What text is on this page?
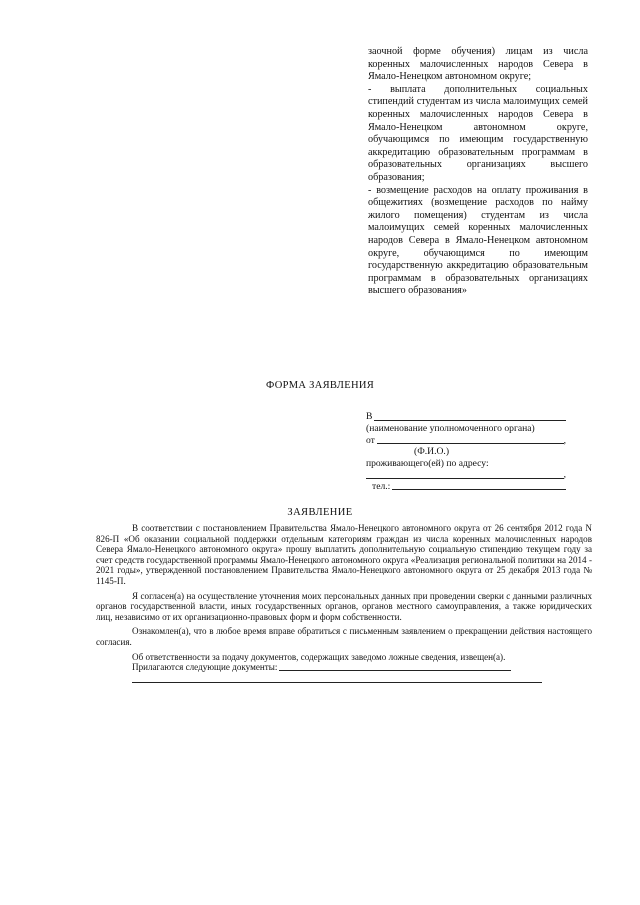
заочной форме обучения) лицам из числа коренных малочисленных народов Севера в Ямало-Ненецком автономном округе;

- выплата дополнительных социальных стипендий студентам из числа малоимущих семей коренных малочисленных народов Севера в Ямало-Ненецком автономном округе, обучающимся по имеющим государственную аккредитацию образовательным программам в образовательных организациях высшего образования;

- возмещение расходов на оплату проживания в общежитиях (возмещение расходов по найму жилого помещения) студентам из числа малоимущих семей коренных малочисленных народов Севера в Ямало-Ненецком автономном округе, обучающимся по имеющим государственную аккредитацию образовательным программам в образовательных организациях высшего образования»

ФОРМА ЗАЯВЛЕНИЯ
В
(наименование уполномоченного органа)
от	,
(Ф.И.О.)
проживающего(ей) по адресу:
,
тел.:
ЗАЯВЛЕНИЕ

В соответствии с постановлением Правительства Ямало-Ненецкого автономного округа от 26 сентября 2012 года N 826-П «Об оказании социальной поддержки отдельным категориям граждан из числа коренных малочисленных народов Севера Ямало-Ненецкого автономного округа» прошу выплатить дополнительную социальную стипендию текущем году за счет средств государственной программы Ямало-Ненецкого автономного округа «Реализация региональной политики на 2014 - 2021 годы», утвержденной постановлением Правительства Ямало-Ненецкого автономного округа от 25 декабря 2013 года № 1145-П.

Я согласен(а) на осуществление уточнения моих персональных данных при проведении сверки с данными различных органов государственной власти, иных государственных органов, органов местного самоуправления, а также юридических лиц, независимо от их организационно-правовых форм и форм собственности.

Ознакомлен(а), что в любое время вправе обратиться с письменным заявлением о прекращении действия настоящего согласия.

Об ответственности за подачу документов, содержащих заведомо ложные сведения, извещен(а).

Прилагаются следующие документы:
